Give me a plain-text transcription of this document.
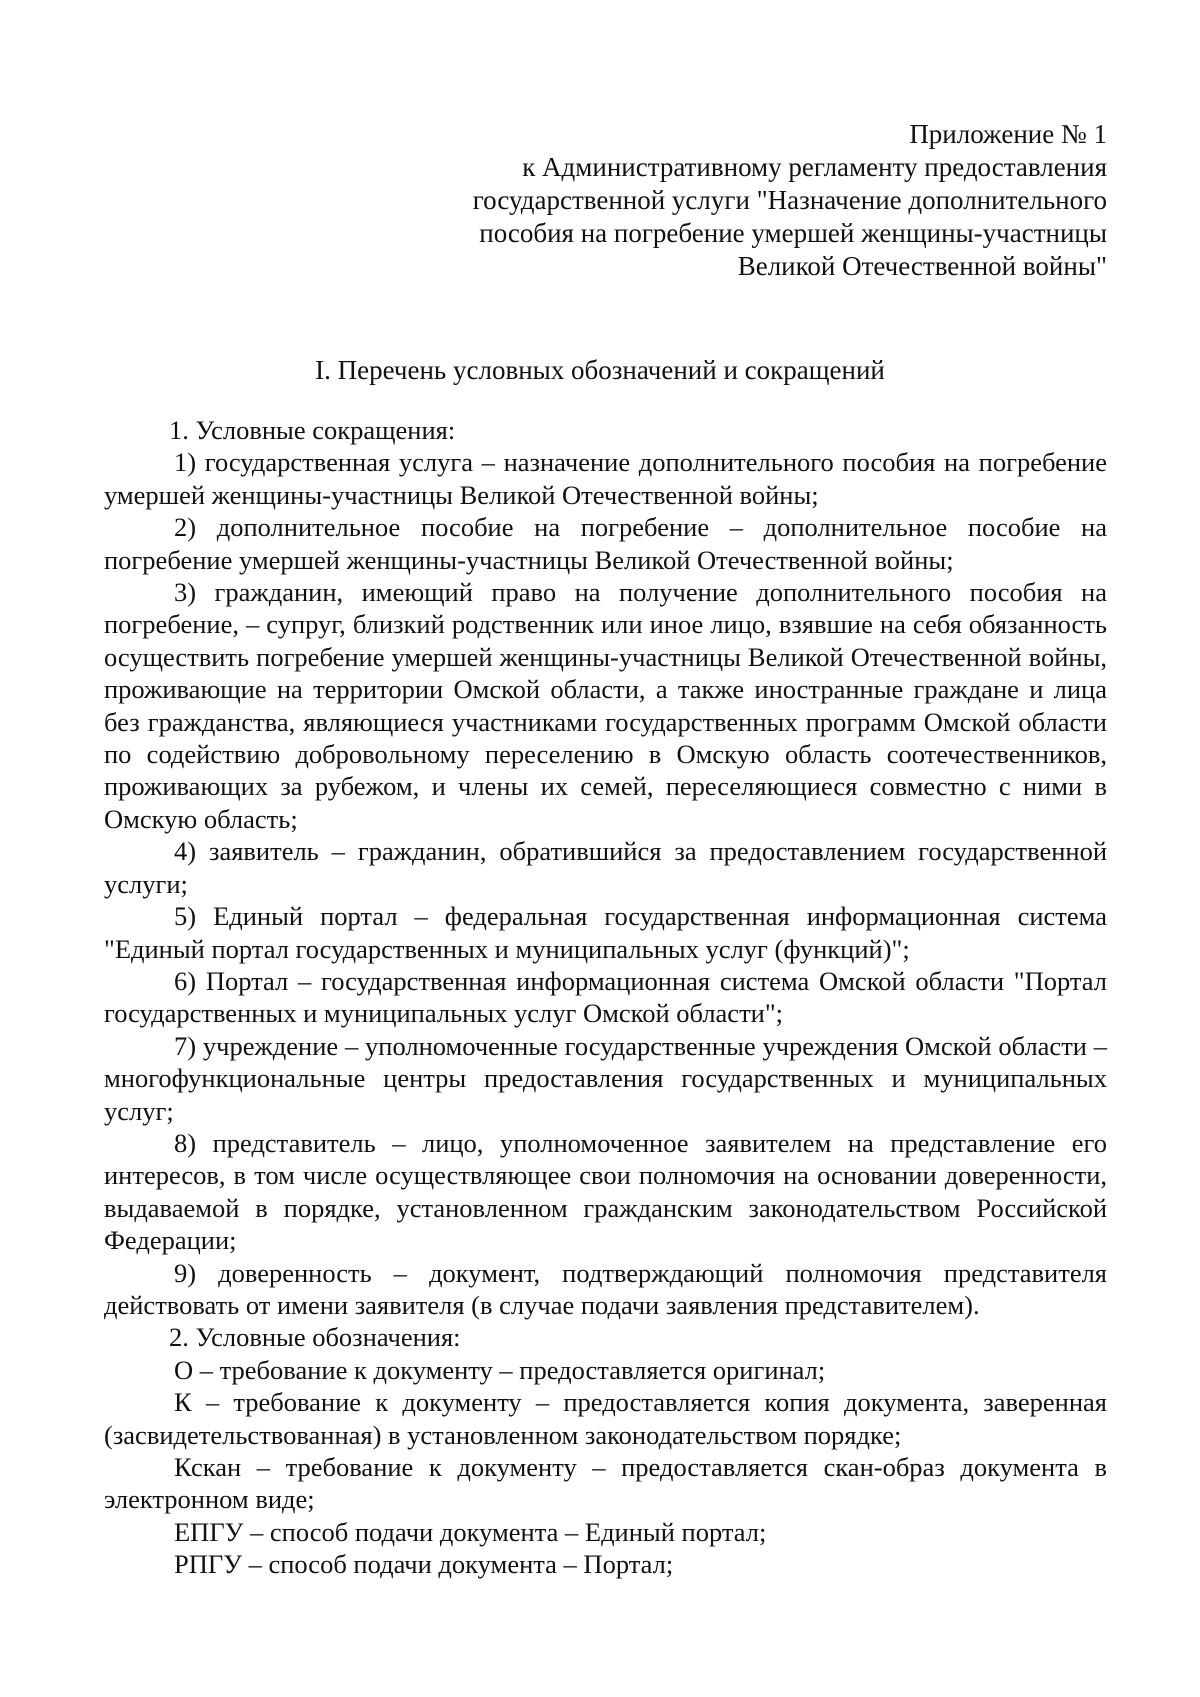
Приложение № 1
к Административному регламенту предоставления
государственной услуги "Назначение дополнительного
пособия на погребение умершей женщины-участницы
Великой Отечественной войны"
I. Перечень условных обозначений и сокращений

1. Условные сокращения:

1) государственная услуга – назначение дополнительного пособия на погребение умершей женщины-участницы Великой Отечественной войны;

2) дополнительное пособие на погребение – дополнительное пособие на погребение умершей женщины-участницы Великой Отечественной войны;

3) гражданин, имеющий право на получение дополнительного пособия на погребение, – супруг, близкий родственник или иное лицо, взявшие на себя обязанность осуществить погребение умершей женщины-участницы Великой Отечественной войны, проживающие на территории Омской области, а также иностранные граждане и лица без гражданства, являющиеся участниками государственных программ Омской области по содействию добровольному переселению в Омскую область соотечественников, проживающих за рубежом, и члены их семей, переселяющиеся совместно с ними в Омскую область;

4) заявитель – гражданин, обратившийся за предоставлением государственной услуги;

5) Единый портал – федеральная государственная информационная система "Единый портал государственных и муниципальных услуг (функций)";

6) Портал – государственная информационная система Омской области "Портал государственных и муниципальных услуг Омской области";

7) учреждение – уполномоченные государственные учреждения Омской области – многофункциональные центры предоставления государственных и муниципальных услуг;

8) представитель – лицо, уполномоченное заявителем на представление его интересов, в том числе осуществляющее свои полномочия на основании доверенности, выдаваемой в порядке, установленном гражданским законодательством Российской Федерации;

9) доверенность – документ, подтверждающий полномочия представителя действовать от имени заявителя (в случае подачи заявления представителем).

2. Условные обозначения:

О – требование к документу – предоставляется оригинал;

К – требование к документу – предоставляется копия документа, заверенная (засвидетельствованная) в установленном законодательством порядке;

Кскан – требование к документу – предоставляется скан-образ документа в электронном виде;

ЕПГУ – способ подачи документа – Единый портал;

РПГУ – способ подачи документа – Портал;
